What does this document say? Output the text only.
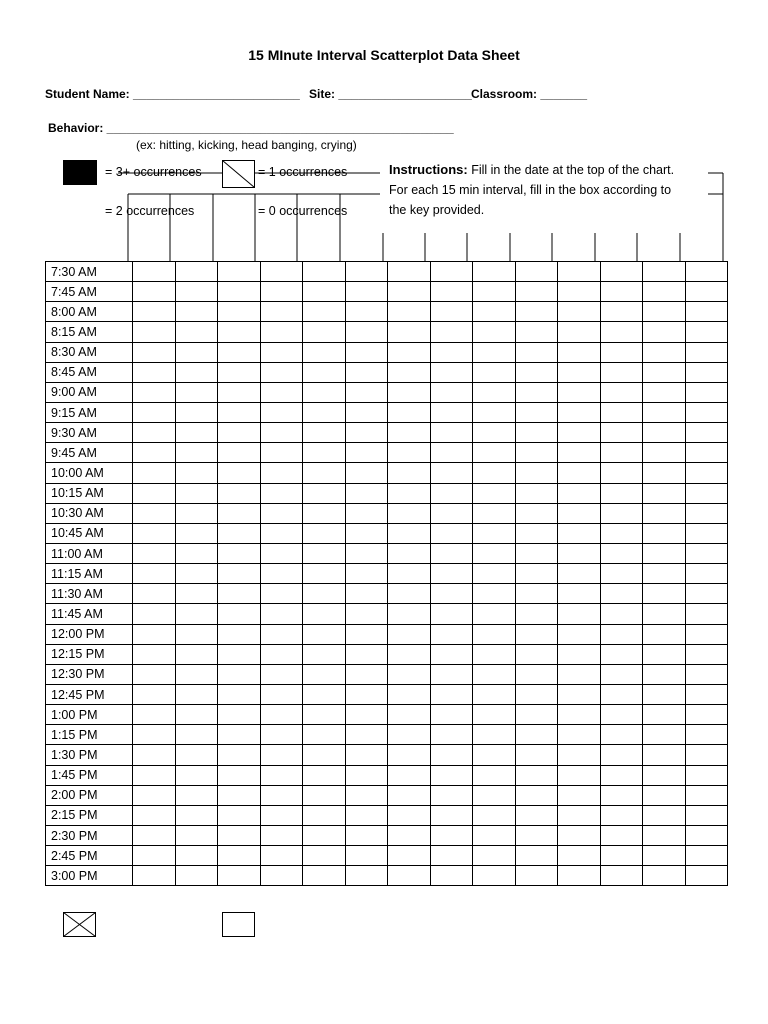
15 MInute Interval Scatterplot Data Sheet
Student Name: _________________________ Site: ____________________ Classroom: _______
Behavior: ____________________________________________________
(ex: hitting, kicking, head banging, crying)
= 3+ occurrences	= 1 occurrences
= 2 occurrences	= 0 occurrences
Instructions: Fill in the date at the top of the chart. For each 15 min interval, fill in the box according to the key provided.
7:30 AM														
7:45 AM														
8:00 AM														
8:15 AM														
8:30 AM														
8:45 AM														
9:00 AM														
9:15 AM														
9:30 AM														
9:45 AM														
10:00 AM														
10:15 AM														
10:30 AM														
10:45 AM														
11:00 AM														
11:15 AM														
11:30 AM														
11:45 AM														
12:00 PM														
12:15 PM														
12:30 PM														
12:45 PM														
1:00 PM														
1:15 PM														
1:30 PM														
1:45 PM														
2:00 PM														
2:15 PM														
2:30 PM														
2:45 PM														
3:00 PM														
